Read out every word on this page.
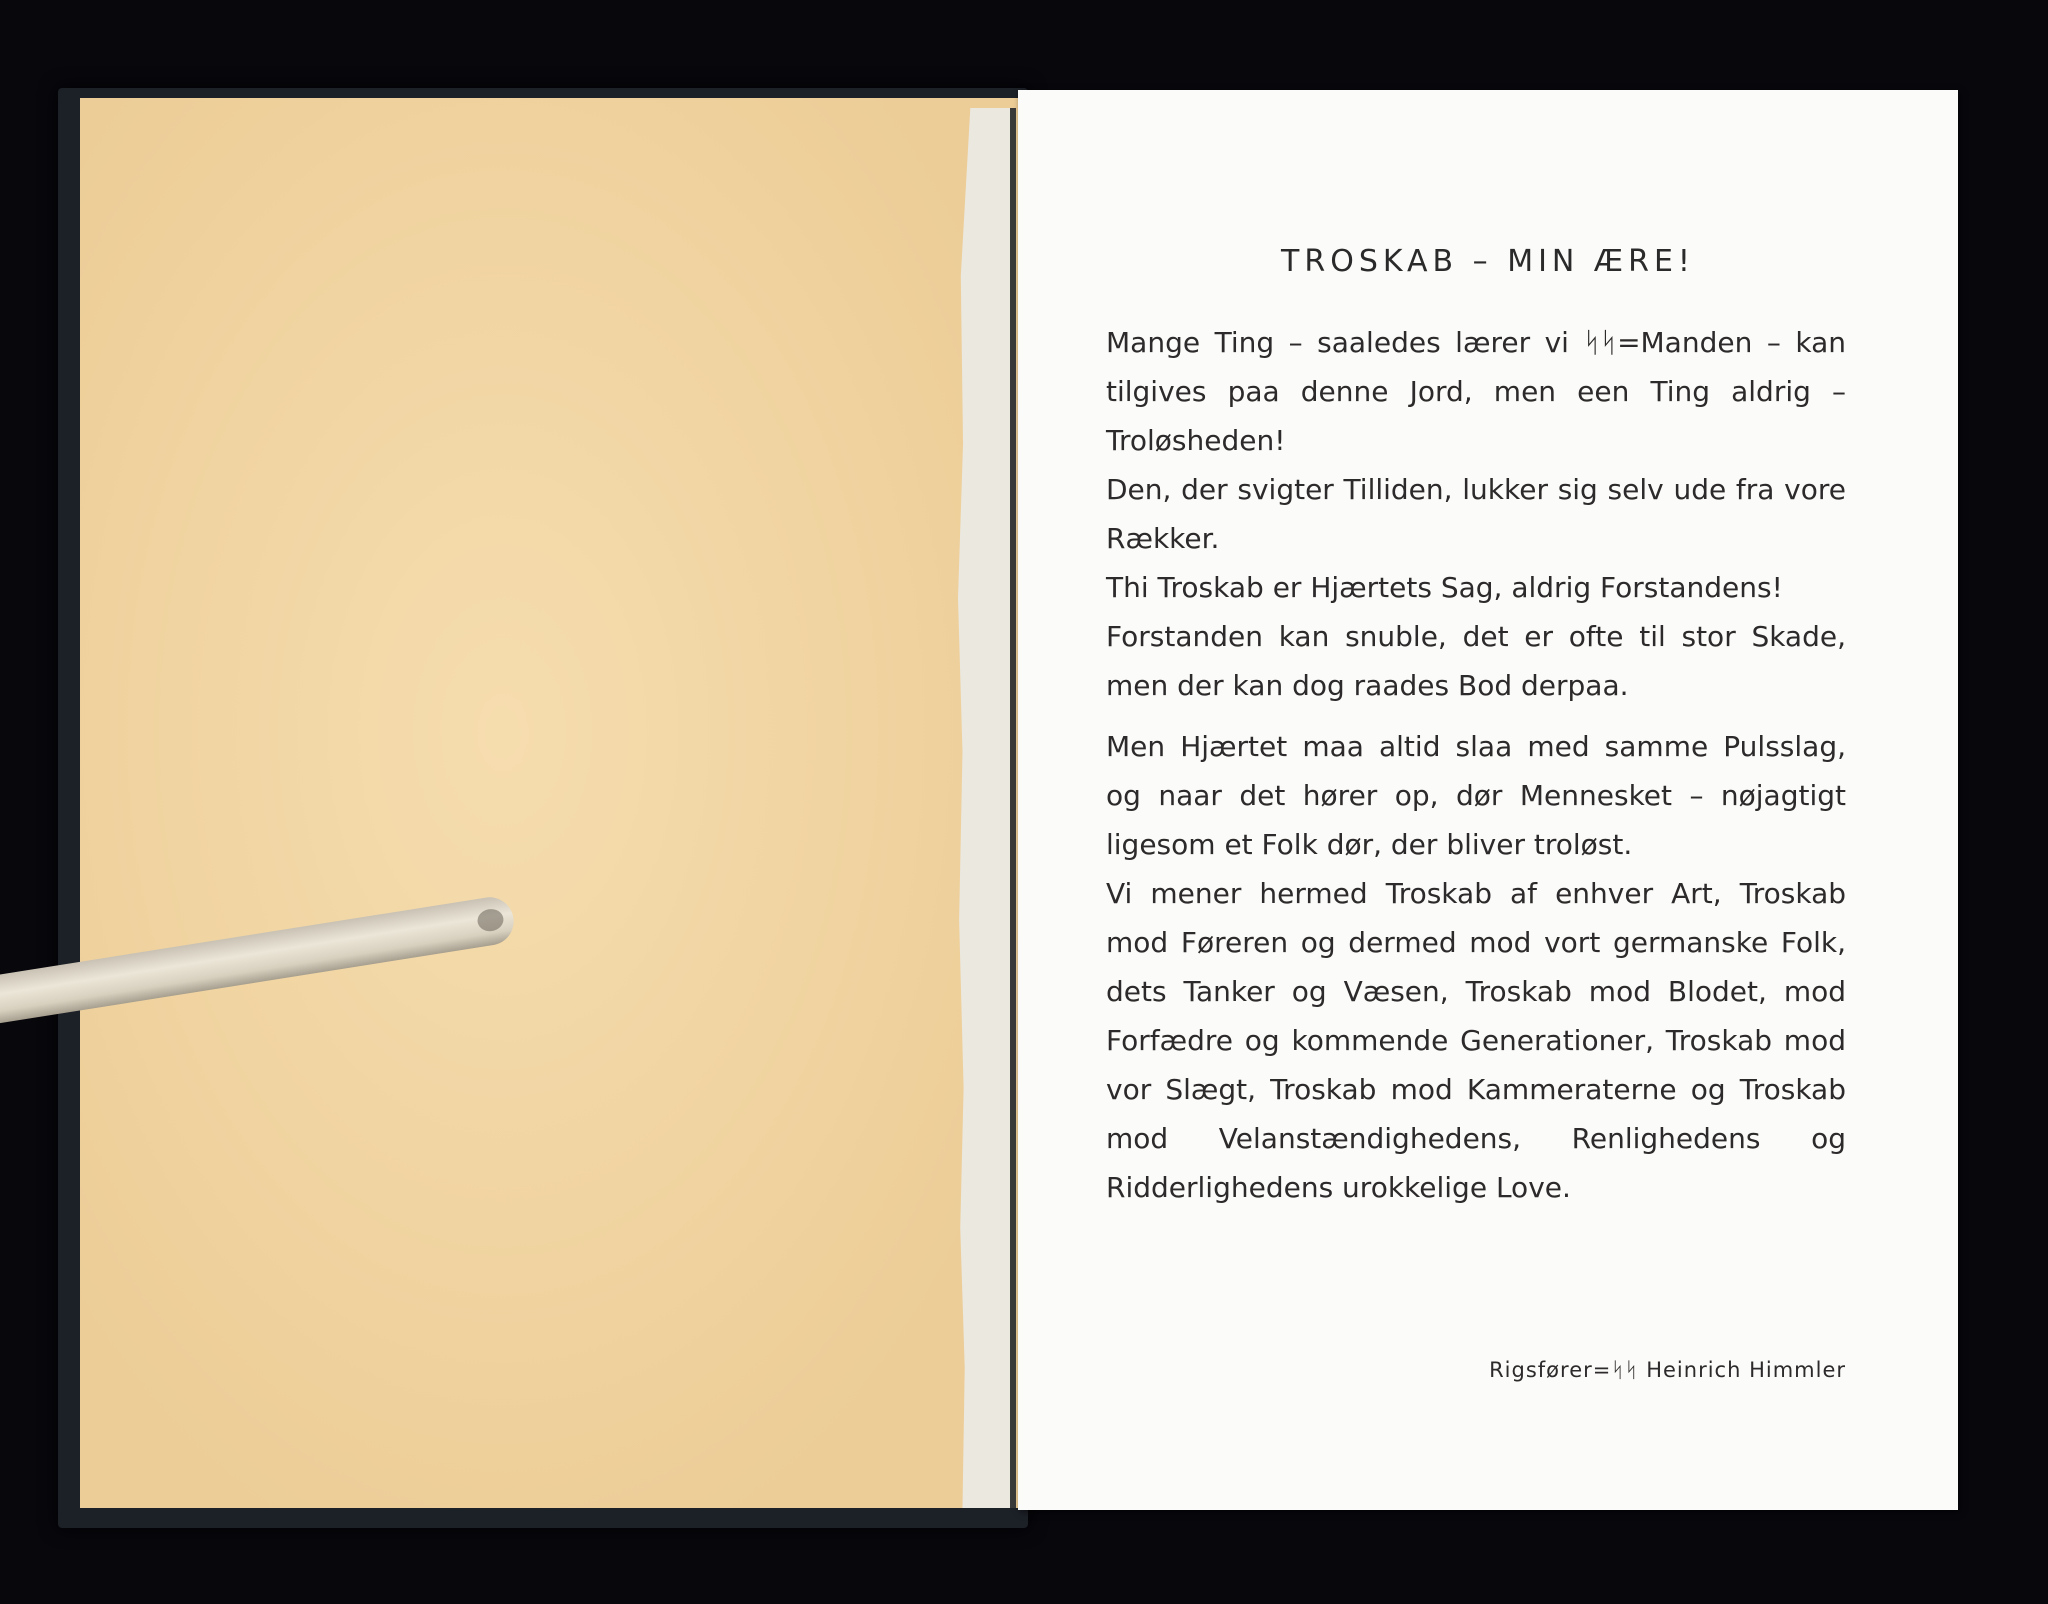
TROSKAB – MIN ÆRE!

Mange Ting – saaledes lærer vi ᛋᛋ=Manden – kan tilgives paa denne Jord, men een Ting aldrig – Troløsheden!

Den, der svigter Tilliden, lukker sig selv ude fra vore Rækker.

Thi Troskab er Hjærtets Sag, aldrig Forstandens!

Forstanden kan snuble, det er ofte til stor Skade, men der kan dog raades Bod derpaa.

Men Hjærtet maa altid slaa med samme Pulsslag, og naar det hører op, dør Mennesket – nøjagtigt ligesom et Folk dør, der bliver troløst.

Vi mener hermed Troskab af enhver Art, Troskab mod Føreren og dermed mod vort germanske Folk, dets Tanker og Væsen, Troskab mod Blodet, mod Forfædre og kommende Generationer, Troskab mod vor Slægt, Troskab mod Kammeraterne og Troskab mod Velanstændighedens, Renlighedens og Ridderlighedens urokkelige Love.

Rigsfører=ᛋᛋ Heinrich Himmler
